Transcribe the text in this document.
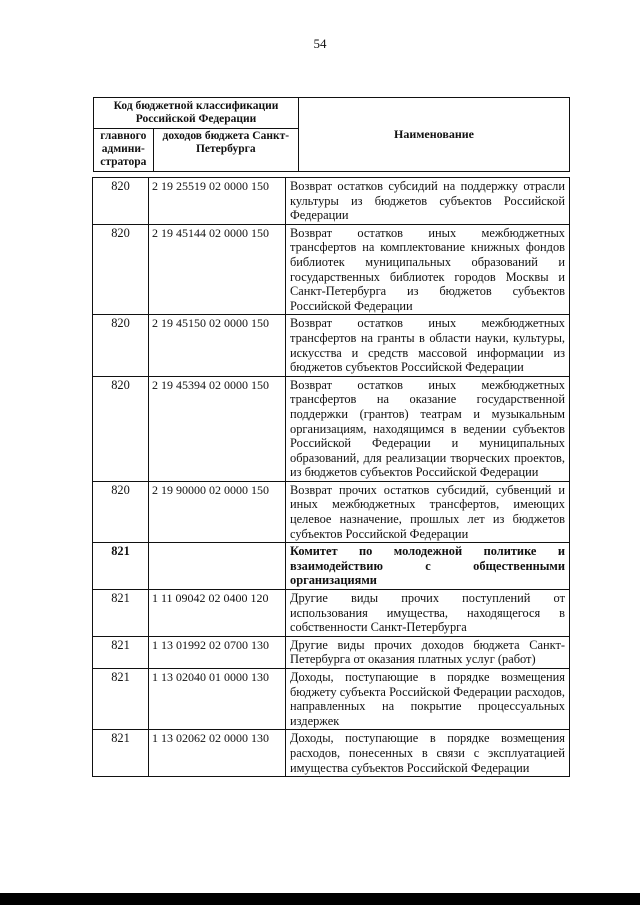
54
Код бюджетной классификации Российской Федерации		Наименование
главного админи-стратора	доходов бюджета Санкт-Петербурга	
820	2 19 25519 02 0000 150	Возврат остатков субсидий на поддержку отрасли культуры из бюджетов субъектов Российской Федерации
820	2 19 45144 02 0000 150	Возврат остатков иных межбюджетных трансфертов на комплектование книжных фондов библиотек муниципальных образований и государственных библиотек городов Москвы и Санкт-Петербурга из бюджетов субъектов Российской Федерации
820	2 19 45150 02 0000 150	Возврат остатков иных межбюджетных трансфертов на гранты в области науки, культуры, искусства и средств массовой информации из бюджетов субъектов Российской Федерации
820	2 19 45394 02 0000 150	Возврат остатков иных межбюджетных трансфертов на оказание государственной поддержки (грантов) театрам и музыкальным организациям, находящимся в ведении субъектов Российской Федерации и муниципальных образований, для реализации творческих проектов, из бюджетов субъектов Российской Федерации
820	2 19 90000 02 0000 150	Возврат прочих остатков субсидий, субвенций и иных межбюджетных трансфертов, имеющих целевое назначение, прошлых лет из бюджетов субъектов Российской Федерации
821		Комитет по молодежной политике и взаимодействию с общественными организациями
821	1 11 09042 02 0400 120	Другие виды прочих поступлений от использования имущества, находящегося в собственности Санкт-Петербурга
821	1 13 01992 02 0700 130	Другие виды прочих доходов бюджета Санкт-Петербурга от оказания платных услуг (работ)
821	1 13 02040 01 0000 130	Доходы, поступающие в порядке возмещения бюджету субъекта Российской Федерации расходов, направленных на покрытие процессуальных издержек
821	1 13 02062 02 0000 130	Доходы, поступающие в порядке возмещения расходов, понесенных в связи с эксплуатацией имущества субъектов Российской Федерации
